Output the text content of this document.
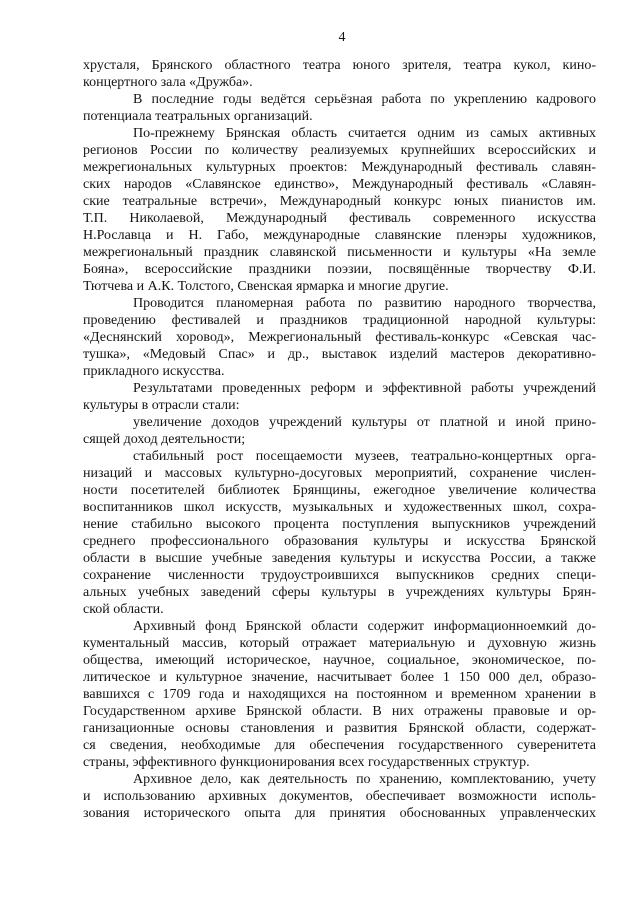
4
хрусталя, Брянского областного театра юного зрителя, театра кукол, кино-
концертного зала «Дружба».
В последние годы ведётся серьёзная работа по укреплению кадрового
потенциала театральных организаций.
По-прежнему Брянская область считается одним из самых активных
регионов России по количеству реализуемых крупнейших всероссийских и
межрегиональных культурных проектов: Международный фестиваль славян-
ских народов «Славянское единство», Международный фестиваль «Славян-
ские театральные встречи», Международный конкурс юных пианистов им.
Т.П. Николаевой, Международный фестиваль современного искусства
Н.Рославца и Н. Габо, международные славянские пленэры художников,
межрегиональный праздник славянской письменности и культуры «На земле
Бояна», всероссийские праздники поэзии, посвящённые творчеству Ф.И.
Тютчева и А.К. Толстого, Свенская ярмарка и многие другие.
Проводится планомерная работа по развитию народного творчества,
проведению фестивалей и праздников традиционной народной культуры:
«Деснянский хоровод», Межрегиональный фестиваль-конкурс «Севская час-
тушка», «Медовый Спас» и др., выставок изделий мастеров декоративно-
прикладного искусства.
Результатами проведенных реформ и эффективной работы учреждений
культуры в отрасли стали:
увеличение доходов учреждений культуры от платной и иной прино-
сящей доход деятельности;
стабильный рост посещаемости музеев, театрально-концертных орга-
низаций и массовых культурно-досуговых мероприятий, сохранение числен-
ности посетителей библиотек Брянщины, ежегодное увеличение количества
воспитанников школ искусств, музыкальных и художественных школ, сохра-
нение стабильно высокого процента поступления выпускников учреждений
среднего профессионального образования культуры и искусства Брянской
области в высшие учебные заведения культуры и искусства России, а также
сохранение численности трудоустроившихся выпускников средних специ-
альных учебных заведений сферы культуры в учреждениях культуры Брян-
ской области.
Архивный фонд Брянской области содержит информационноемкий до-
кументальный массив, который отражает материальную и духовную жизнь
общества, имеющий историческое, научное, социальное, экономическое, по-
литическое и культурное значение, насчитывает более 1 150 000 дел, образо-
вавшихся с 1709 года и находящихся на постоянном и временном хранении в
Государственном архиве Брянской области. В них отражены правовые и ор-
ганизационные основы становления и развития Брянской области, содержат-
ся сведения, необходимые для обеспечения государственного суверенитета
страны, эффективного функционирования всех государственных структур.
Архивное дело, как деятельность по хранению, комплектованию, учету
и использованию архивных документов, обеспечивает возможности исполь-
зования исторического опыта для принятия обоснованных управленческих
